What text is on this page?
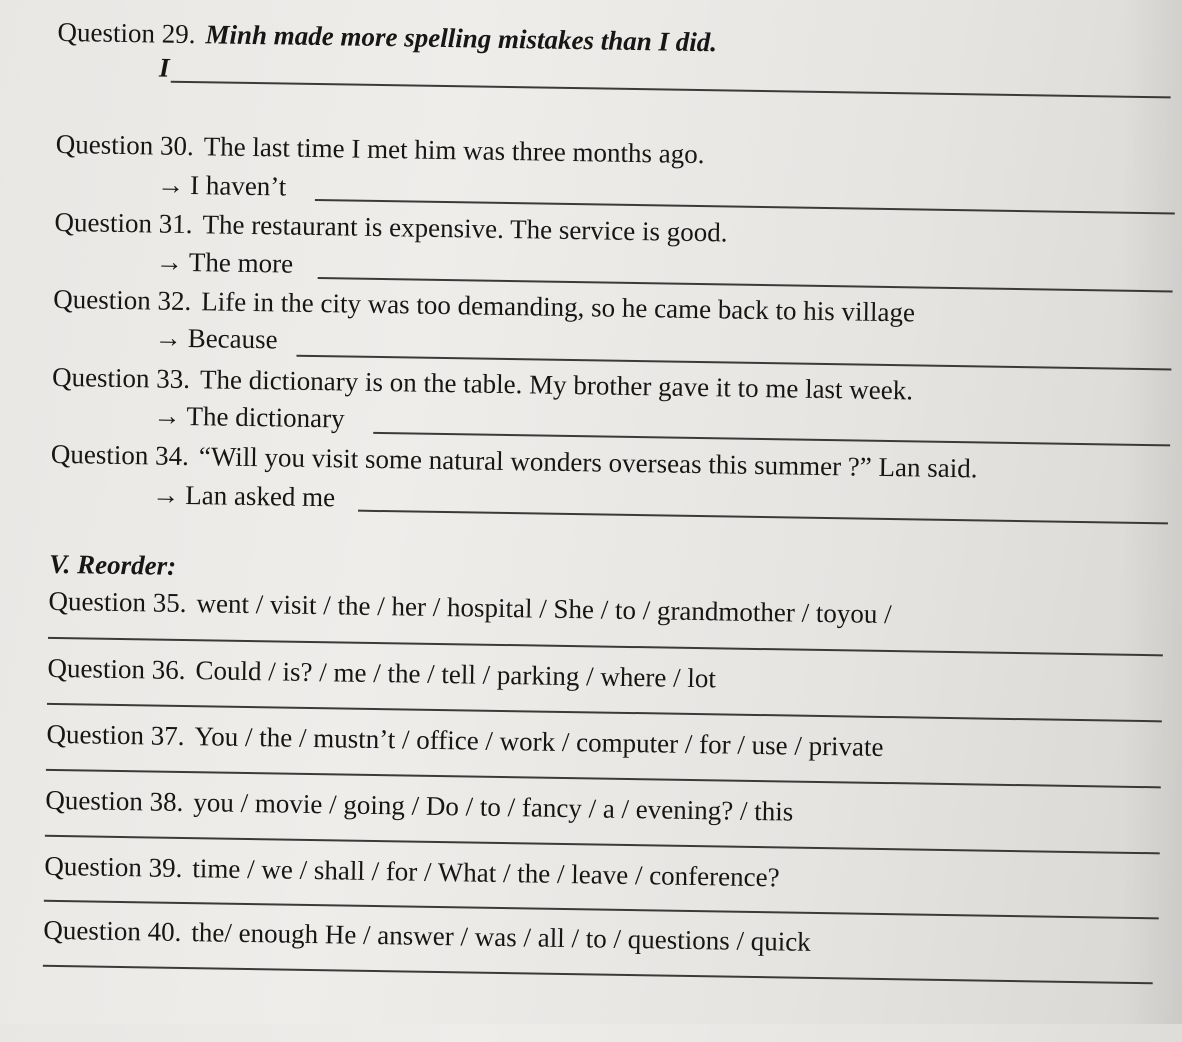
Question 29. Minh made more spelling mistakes than I did.
I
Question 30. The last time I met him was three months ago.
→ I haven’t
Question 31. The restaurant is expensive. The service is good.
→ The more
Question 32. Life in the city was too demanding, so he came back to his village
→ Because
Question 33. The dictionary is on the table. My brother gave it to me last week.
→ The dictionary
Question 34. “Will you visit some natural wonders overseas this summer ?” Lan said.
→ Lan asked me
V. Reorder:
Question 35. went / visit / the / her / hospital / She / to / grandmother / toyou /
Question 36. Could / is? / me / the / tell / parking / where / lot
Question 37. You / the / mustn’t / office / work / computer / for / use / private
Question 38. you / movie / going / Do / to / fancy / a / evening? / this
Question 39. time / we / shall / for / What / the / leave / conference?
Question 40. the/ enough He / answer / was / all / to / questions / quick
